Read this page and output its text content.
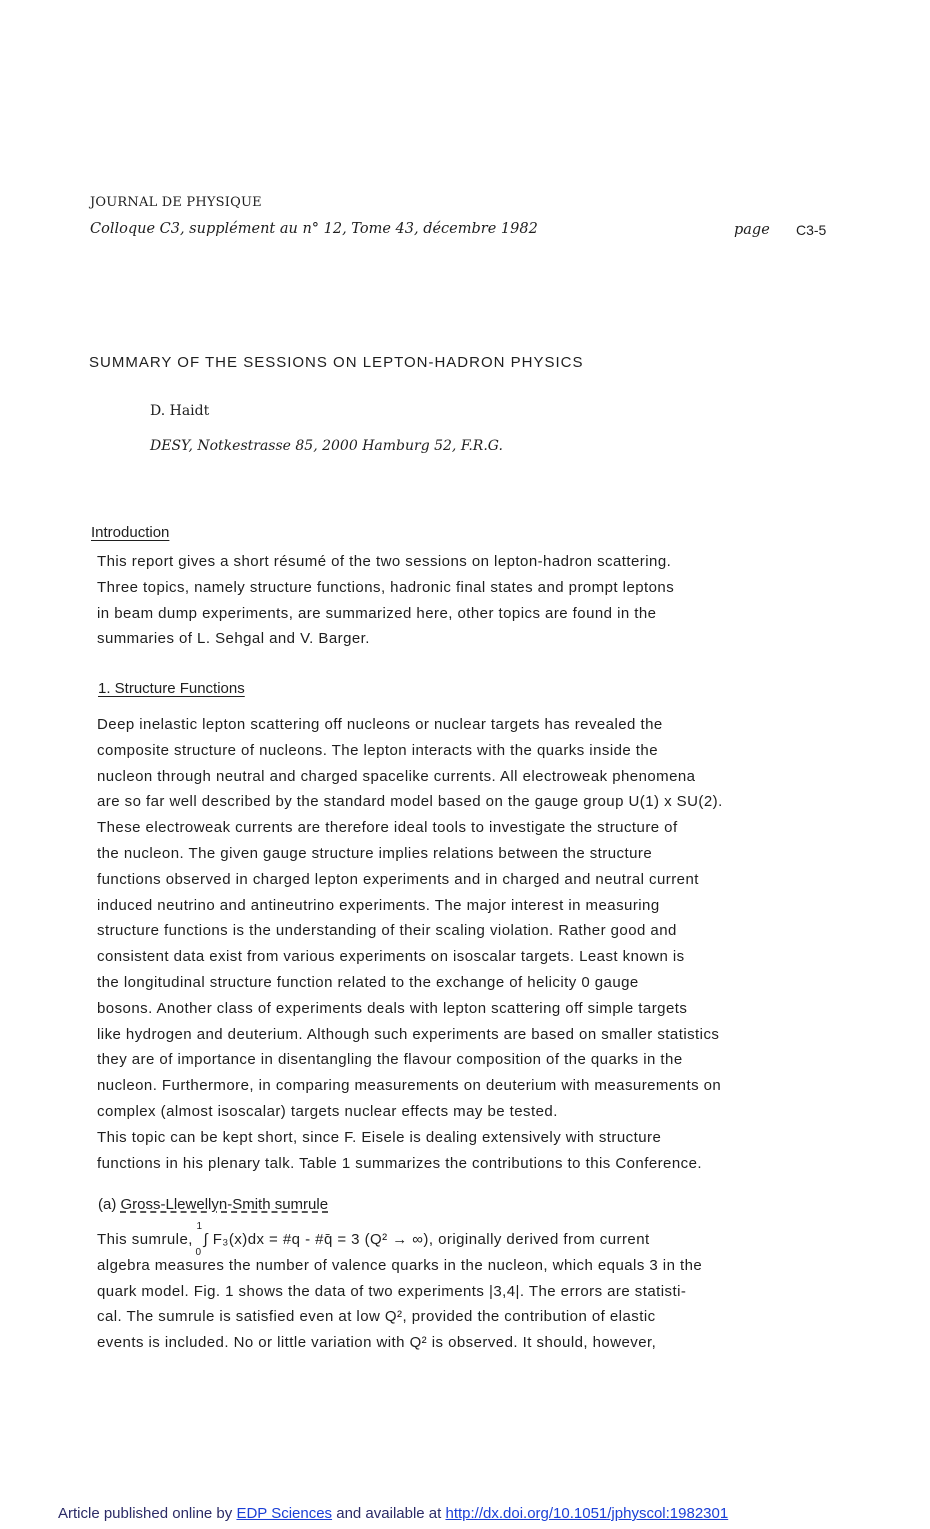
JOURNAL DE PHYSIQUE
Colloque C3, supplément au n° 12, Tome 43, décembre 1982	page C3-5
SUMMARY OF THE SESSIONS ON LEPTON-HADRON PHYSICS
D. Haidt
DESY, Notkestrasse 85, 2000 Hamburg 52, F.R.G.
Introduction
This report gives a short résumé of the two sessions on lepton-hadron scattering.
Three topics, namely structure functions, hadronic final states and prompt leptons
in beam dump experiments, are summarized here, other topics are found in the
summaries of L. Sehgal and V. Barger.
1. Structure Functions
Deep inelastic lepton scattering off nucleons or nuclear targets has revealed the
composite structure of nucleons. The lepton interacts with the quarks inside the
nucleon through neutral and charged spacelike currents. All electroweak phenomena
are so far well described by the standard model based on the gauge group U(1) x SU(2).
These electroweak currents are therefore ideal tools to investigate the structure of
the nucleon. The given gauge structure implies relations between the structure
functions observed in charged lepton experiments and in charged and neutral current
induced neutrino and antineutrino experiments. The major interest in measuring
structure functions is the understanding of their scaling violation. Rather good and
consistent data exist from various experiments on isoscalar targets. Least known is
the longitudinal structure function related to the exchange of helicity 0 gauge
bosons. Another class of experiments deals with lepton scattering off simple targets
like hydrogen and deuterium. Although such experiments are based on smaller statistics
they are of importance in disentangling the flavour composition of the quarks in the
nucleon. Furthermore, in comparing measurements on deuterium with measurements on
complex (almost isoscalar) targets nuclear effects may be tested.
This topic can be kept short, since F. Eisele is dealing extensively with structure
functions in his plenary talk. Table 1 summarizes the contributions to this Conference.
(a) Gross-Llewellyn-Smith sumrule
This sumrule, ∫
1
0
F₃(x)dx = #q - #q̄ = 3 (Q² → ∞), originally derived from current
algebra measures the number of valence quarks in the nucleon, which equals 3 in the
quark model. Fig. 1 shows the data of two experiments |3,4|. The errors are statisti-
cal. The sumrule is satisfied even at low Q², provided the contribution of elastic
events is included. No or little variation with Q² is observed. It should, however,
Article published online by EDP Sciences and available at http://dx.doi.org/10.1051/jphyscol:1982301
